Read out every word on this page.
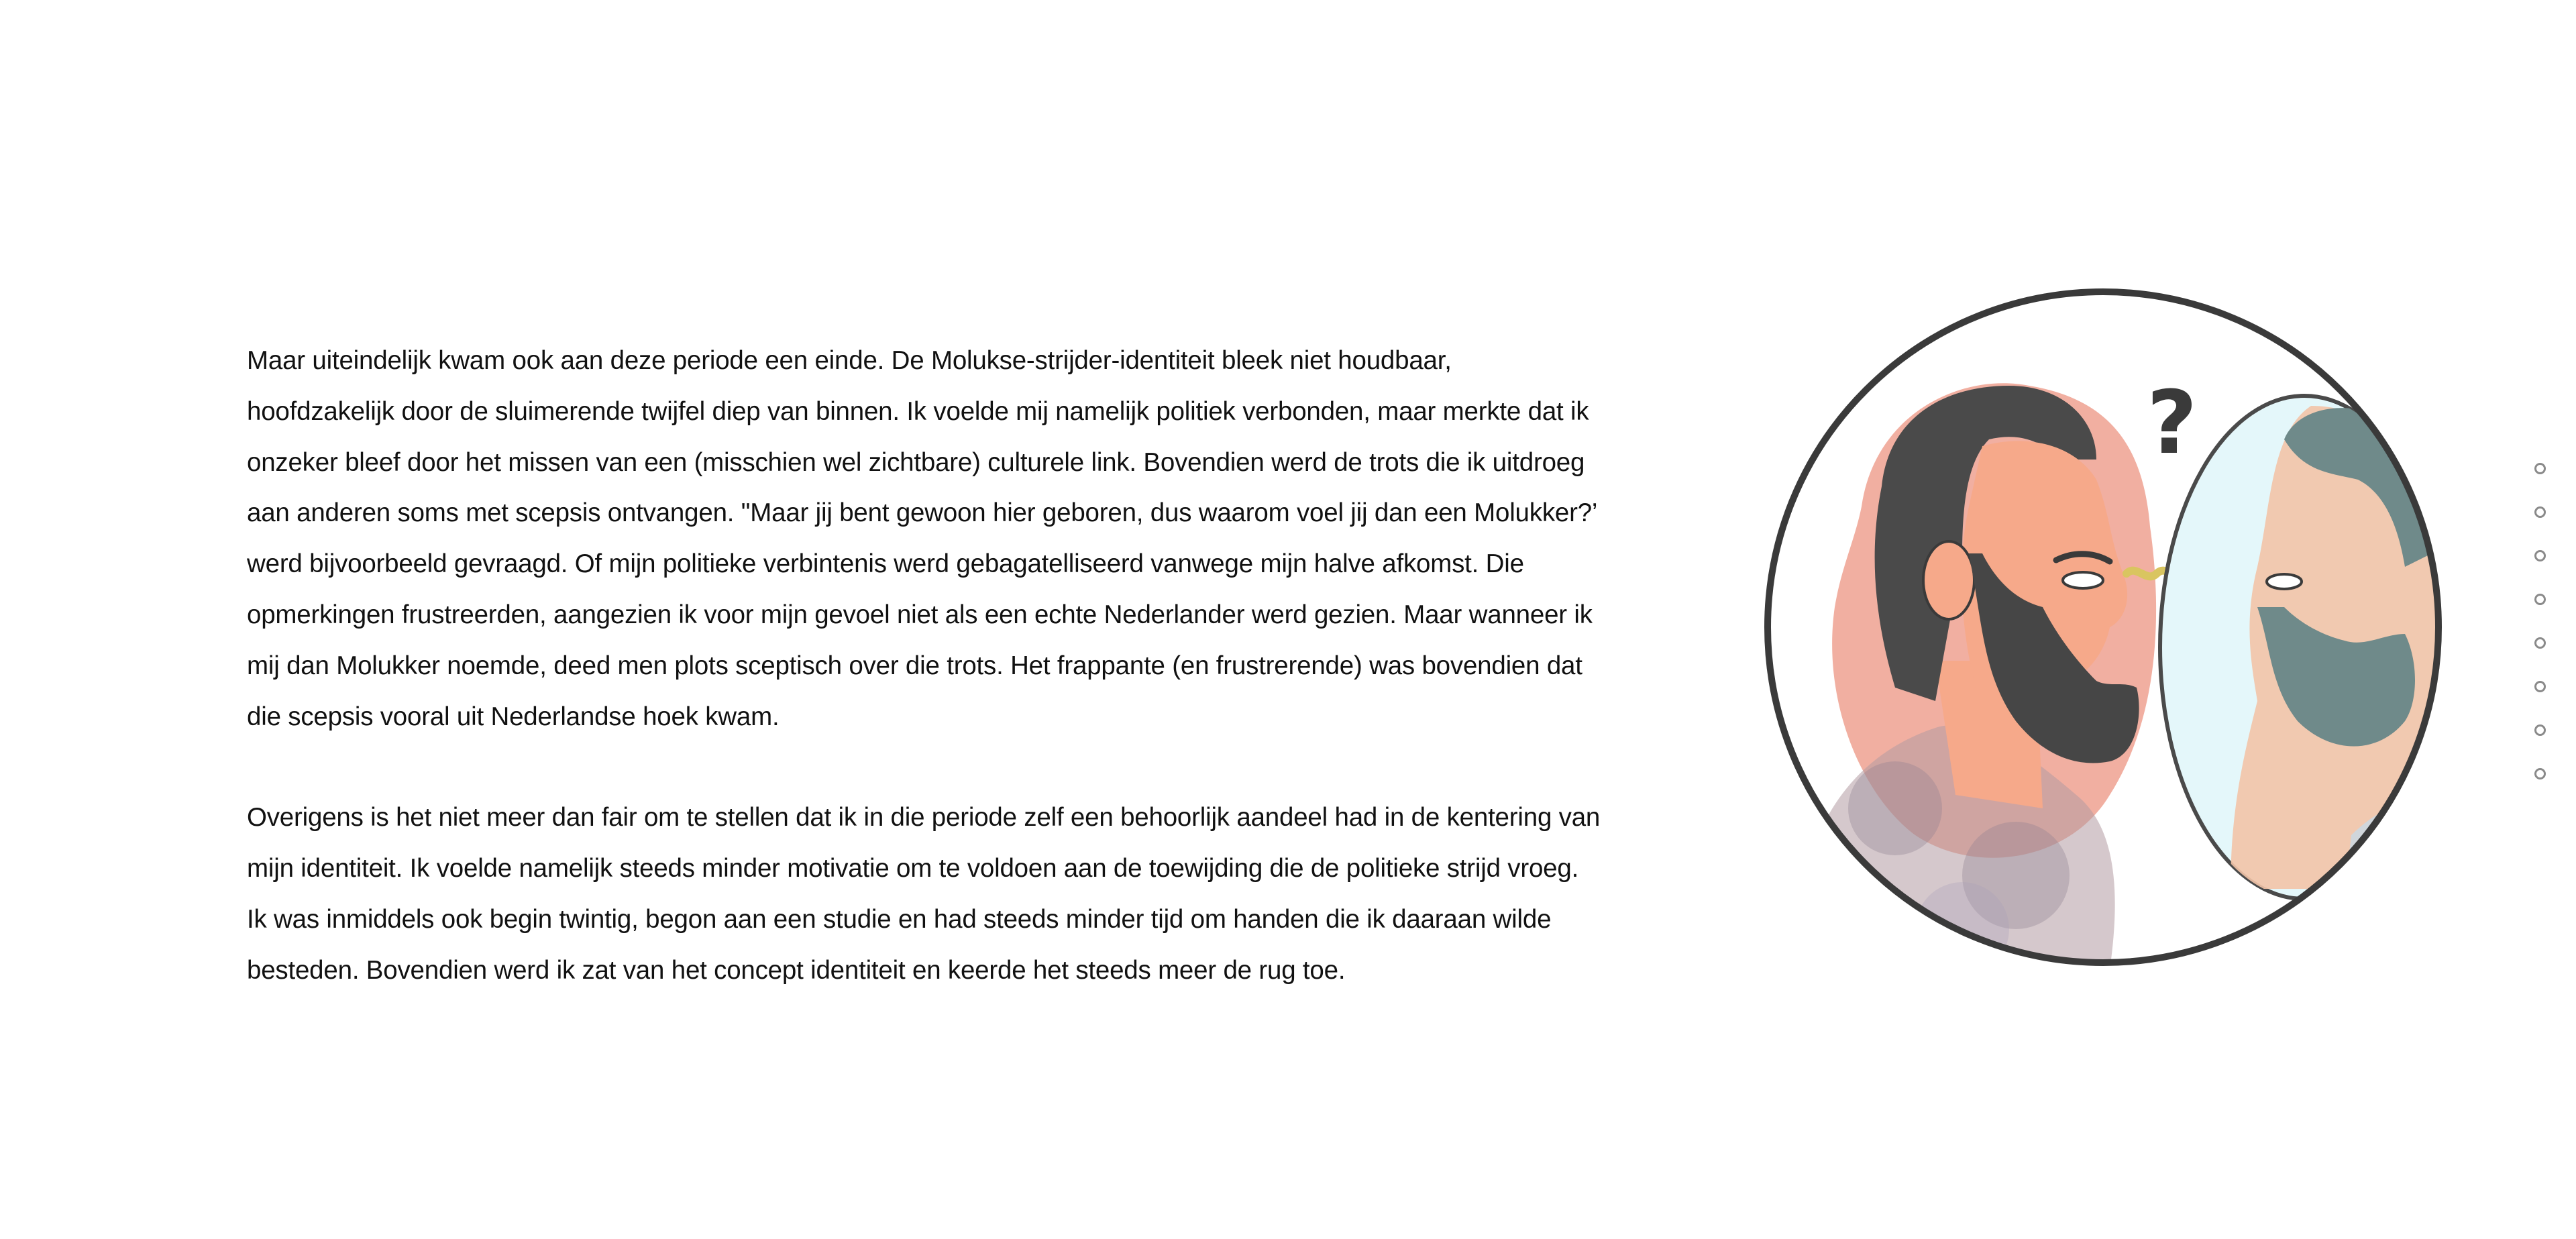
Maar uiteindelijk kwam ook aan deze periode een einde. De Molukse-strijder-identiteit bleek niet houdbaar,
hoofdzakelijk door de sluimerende twijfel diep van binnen. Ik voelde mij namelijk politiek verbonden, maar merkte dat ik
onzeker bleef door het missen van een (misschien wel zichtbare) culturele link. Bovendien werd de trots die ik uitdroeg
aan anderen soms met scepsis ontvangen. "Maar jij bent gewoon hier geboren, dus waarom voel jij dan een Molukker?’
werd bijvoorbeeld gevraagd. Of mijn politieke verbintenis werd gebagatelliseerd vanwege mijn halve afkomst. Die
opmerkingen frustreerden, aangezien ik voor mijn gevoel niet als een echte Nederlander werd gezien. Maar wanneer ik
mij dan Molukker noemde, deed men plots sceptisch over die trots. Het frappante (en frustrerende) was bovendien dat
die scepsis vooral uit Nederlandse hoek kwam.

Overigens is het niet meer dan fair om te stellen dat ik in die periode zelf een behoorlijk aandeel had in de kentering van
mijn identiteit. Ik voelde namelijk steeds minder motivatie om te voldoen aan de toewijding die de politieke strijd vroeg.
Ik was inmiddels ook begin twintig, begon aan een studie en had steeds minder tijd om handen die ik daaraan wilde
besteden. Bovendien werd ik zat van het concept identiteit en keerde het steeds meer de rug toe.

?
